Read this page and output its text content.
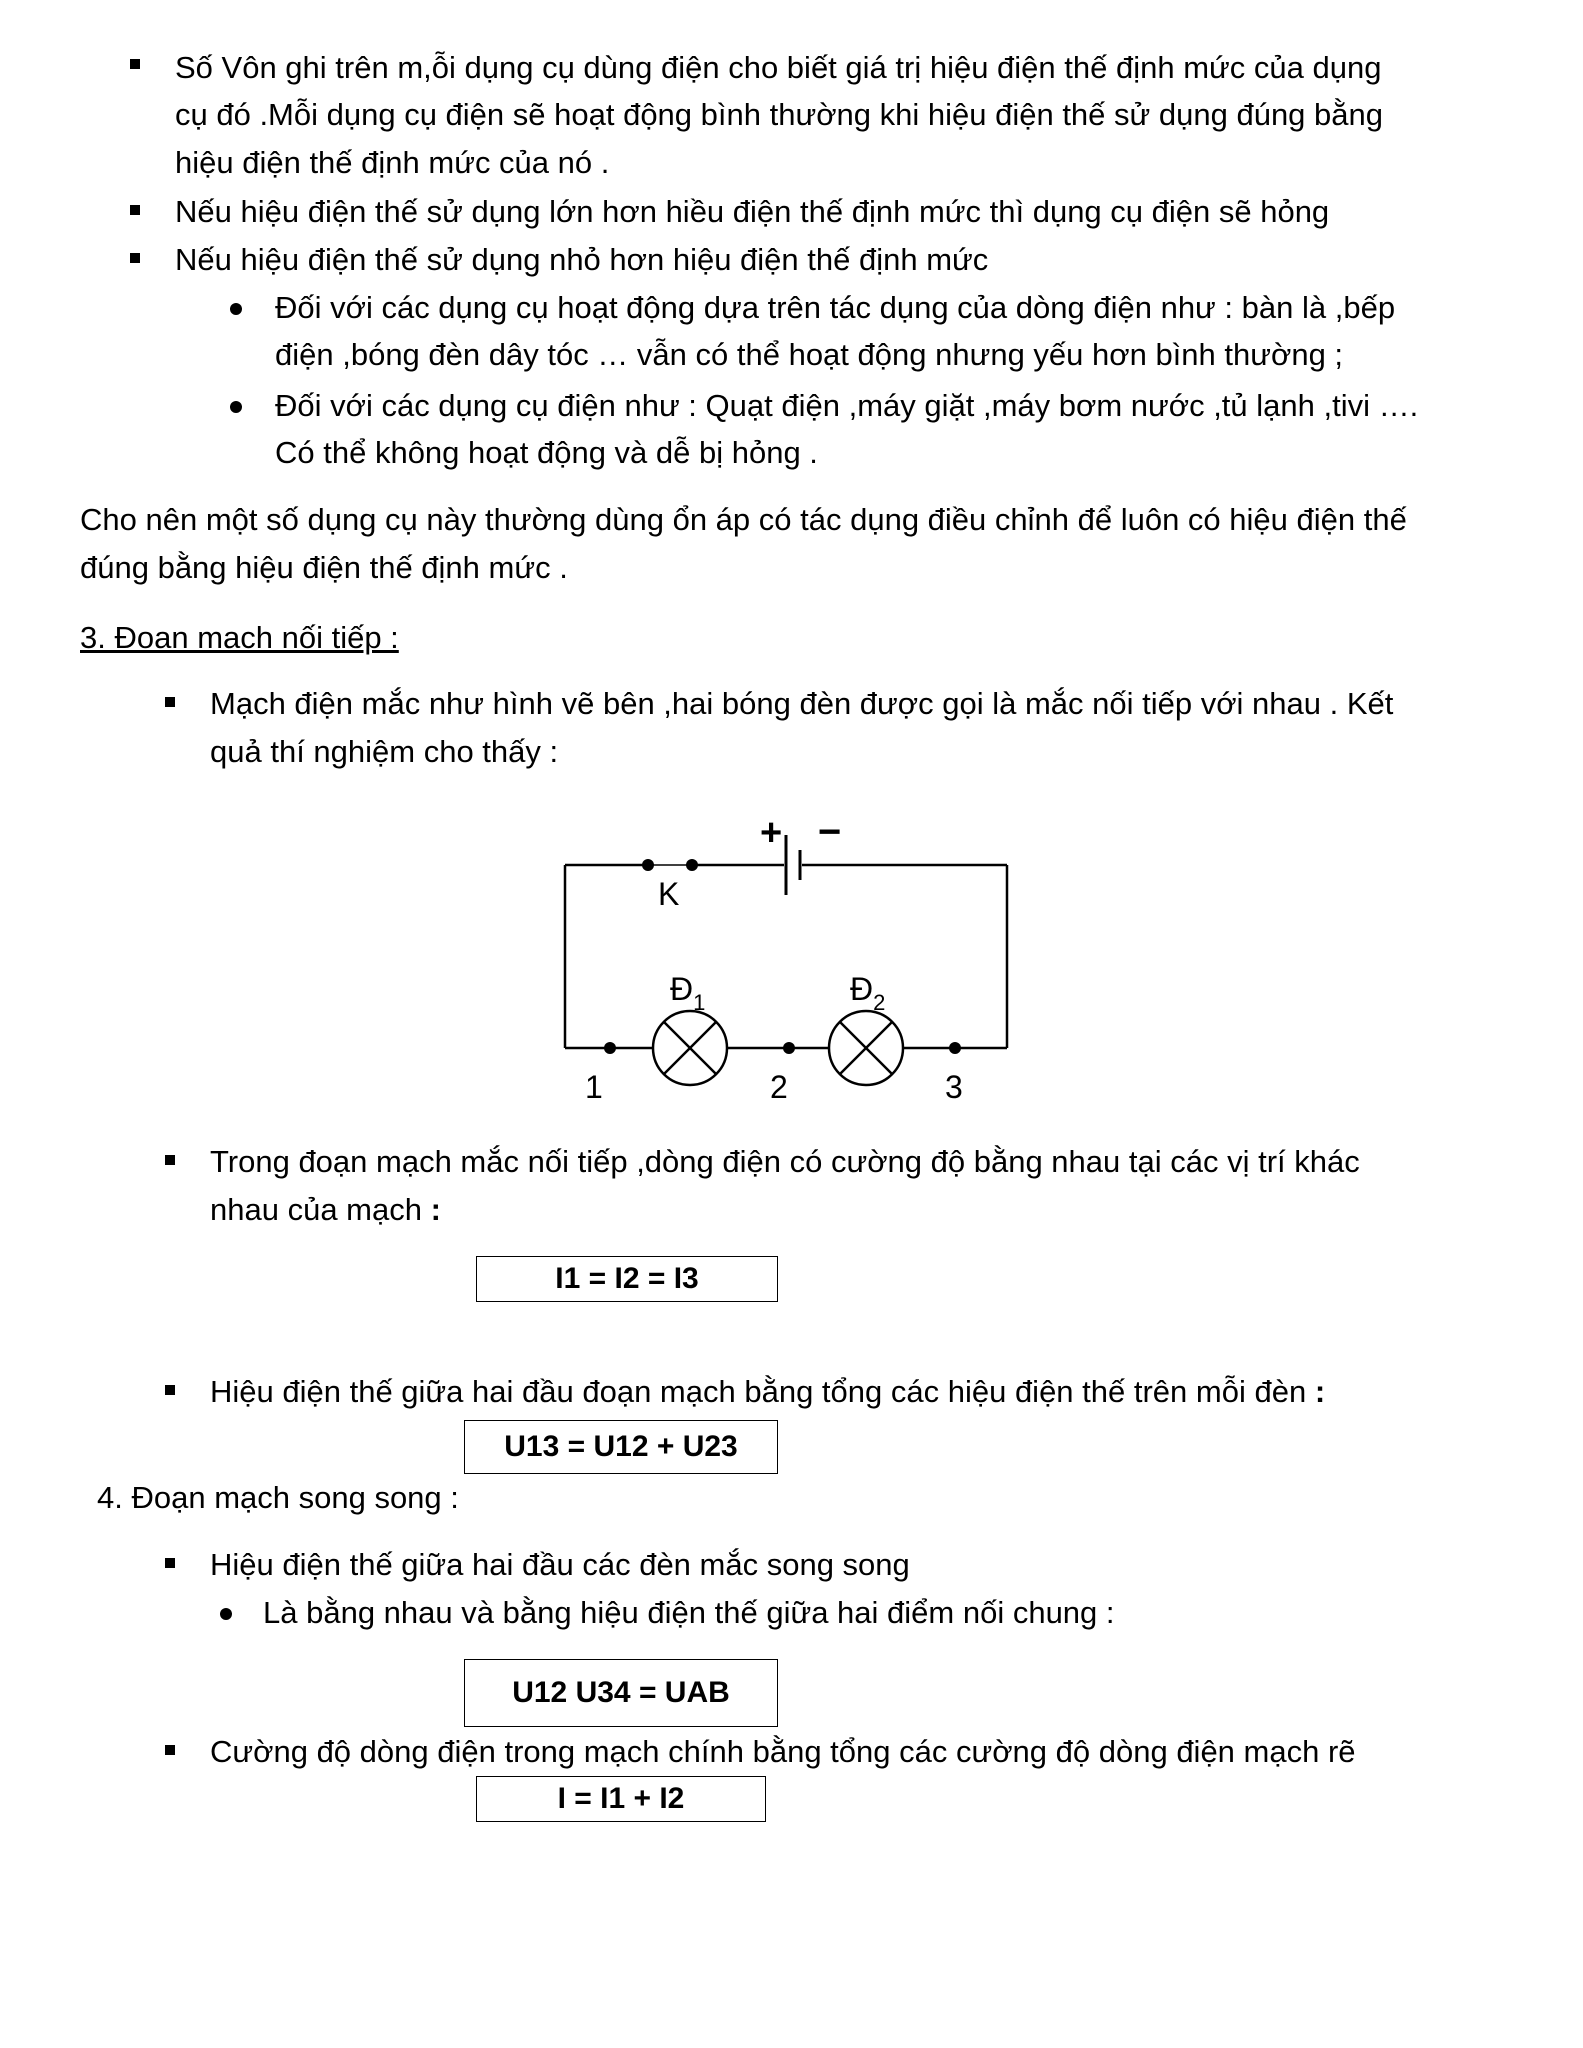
Số Vôn ghi trên m,ỗi dụng cụ dùng điện cho biết giá trị hiệu điện thế định mức của dụng
cụ đó .Mỗi dụng cụ điện sẽ hoạt động bình thường khi hiệu điện thế sử dụng đúng bằng
hiệu điện thế định mức của nó .
Nếu hiệu điện thế sử dụng lớn hơn hiều điện thế định mức thì dụng cụ điện sẽ hỏng
Nếu hiệu điện thế sử dụng nhỏ hơn hiệu điện thế định mức
Đối với các dụng cụ hoạt động dựa trên tác dụng của dòng điện như : bàn là ,bếp
điện ,bóng đèn dây tóc … vẫn có thể hoạt động nhưng yếu hơn bình thường ;
Đối với các dụng cụ điện như : Quạt điện ,máy giặt ,máy bơm nước ,tủ lạnh ,tivi ….
Có thể không hoạt động và dễ bị hỏng .
Cho nên một số dụng cụ này thường dùng ổn áp có tác dụng điều chỉnh để luôn có hiệu điện thế
đúng bằng hiệu điện thế định mức .
3. Đoan mach nối tiếp :
Mạch điện mắc như hình vẽ bên ,hai bóng đèn được gọi là mắc nối tiếp với nhau . Kết
quả thí nghiệm cho thấy :
+ −
K
$Đ_1$	$Đ_2$
1	2	3
Trong đoạn mạch mắc nối tiếp ,dòng điện có cường độ bằng nhau tại các vị trí khác
nhau của mạch :
I1 = I2 = I3
Hiệu điện thế giữa hai đầu đoạn mạch bằng tổng các hiệu điện thế trên mỗi đèn :
U13 = U12 + U23
4. Đoạn mạch song song :
Hiệu điện thế giữa hai đầu các đèn mắc song song
Là bằng nhau và bằng hiệu điện thế giữa hai điểm nối chung :
U12 U34 = UAB
Cường độ dòng điện trong mạch chính bằng tổng các cường độ dòng điện mạch rẽ
I = I1 + I2
